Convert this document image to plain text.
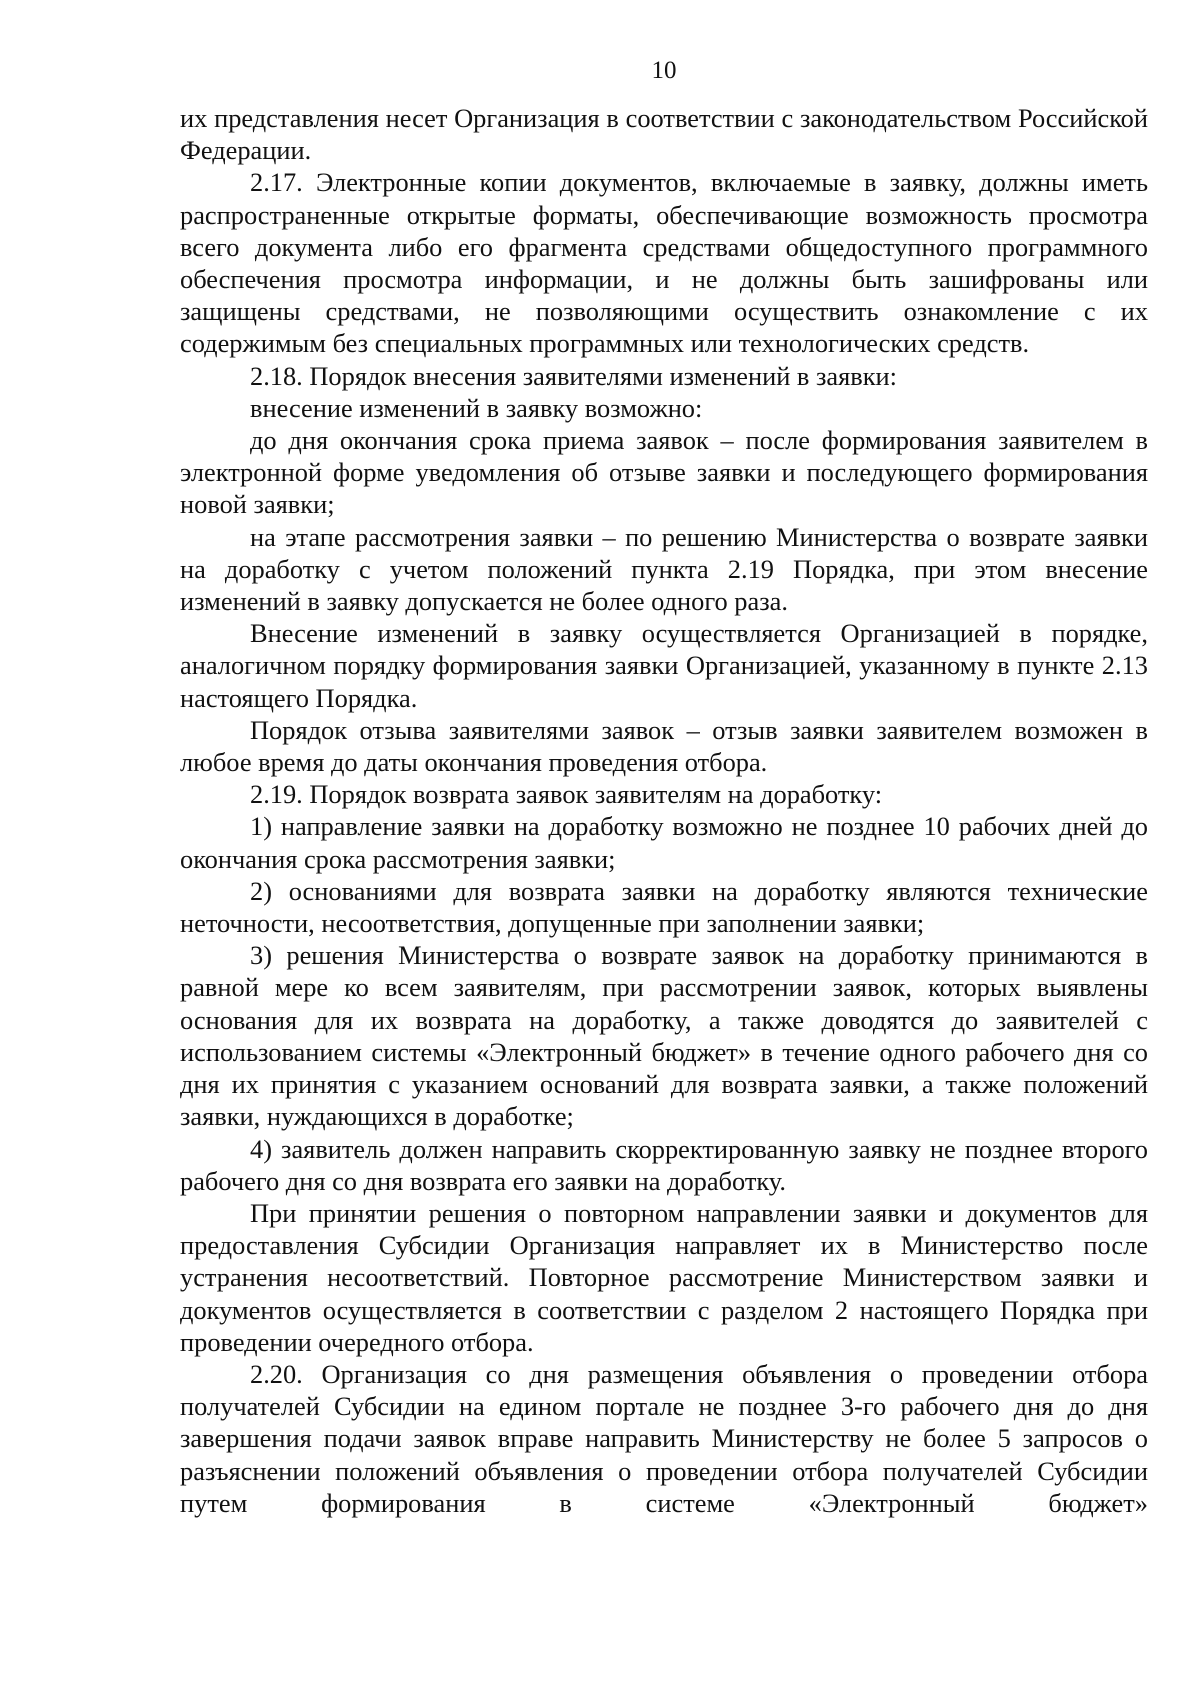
10

их представления несет Организация в соответствии с законодательством Российской Федерации.

2.17. Электронные копии документов, включаемые в заявку, должны иметь распространенные открытые форматы, обеспечивающие возможность просмотра всего документа либо его фрагмента средствами общедоступного программного обеспечения просмотра информации, и не должны быть зашифрованы или защищены средствами, не позволяющими осуществить ознакомление с их содержимым без специальных программных или технологических средств.

2.18. Порядок внесения заявителями изменений в заявки:

внесение изменений в заявку возможно:

до дня окончания срока приема заявок – после формирования заявителем в электронной форме уведомления об отзыве заявки и последующего формирования новой заявки;

на этапе рассмотрения заявки – по решению Министерства о возврате заявки на доработку с учетом положений пункта 2.19 Порядка, при этом внесение изменений в заявку допускается не более одного раза.

Внесение изменений в заявку осуществляется Организацией в порядке, аналогичном порядку формирования заявки Организацией, указанному в пункте 2.13 настоящего Порядка.

Порядок отзыва заявителями заявок – отзыв заявки заявителем возможен в любое время до даты окончания проведения отбора.

2.19. Порядок возврата заявок заявителям на доработку:

1) направление заявки на доработку возможно не позднее 10 рабочих дней до окончания срока рассмотрения заявки;

2) основаниями для возврата заявки на доработку являются технические неточности, несоответствия, допущенные при заполнении заявки;

3) решения Министерства о возврате заявок на доработку принимаются в равной мере ко всем заявителям, при рассмотрении заявок, которых выявлены основания для их возврата на доработку, а также доводятся до заявителей с использованием системы «Электронный бюджет» в течение одного рабочего дня со дня их принятия с указанием оснований для возврата заявки, а также положений заявки, нуждающихся в доработке;

4) заявитель должен направить скорректированную заявку не позднее второго рабочего дня со дня возврата его заявки на доработку.

При принятии решения о повторном направлении заявки и документов для предоставления Субсидии Организация направляет их в Министерство после устранения несоответствий. Повторное рассмотрение Министерством заявки и документов осуществляется в соответствии с разделом 2 настоящего Порядка при проведении очередного отбора.

2.20. Организация со дня размещения объявления о проведении отбора получателей Субсидии на едином портале не позднее 3-го рабочего дня до дня завершения подачи заявок вправе направить Министерству не более 5 запросов о разъяснении положений объявления о проведении отбора получателей Субсидии путем формирования в системе «Электронный бюджет»
